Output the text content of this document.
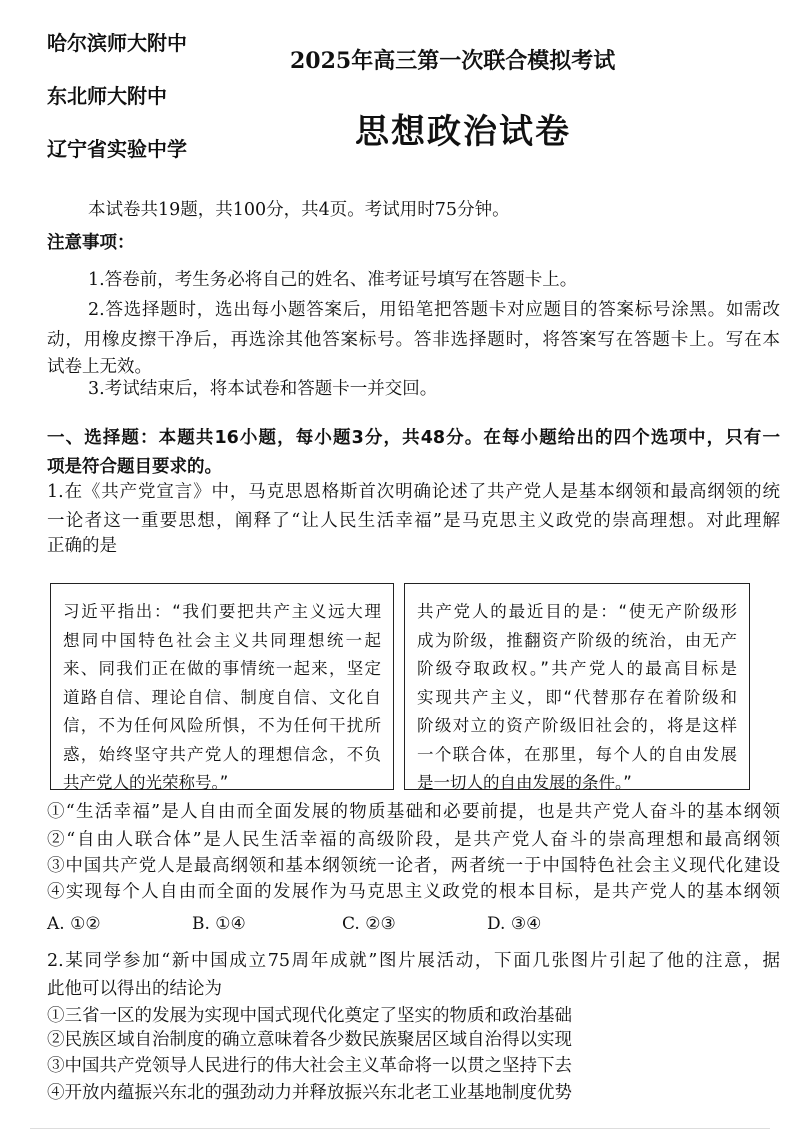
哈尔滨师大附中
东北师大附中
辽宁省实验中学
2025年高三第一次联合模拟考试
思想政治试卷
本试卷共19题，共100分，共4页。考试用时75分钟。
注意事项：
1.答卷前，考生务必将自己的姓名、准考证号填写在答题卡上。
2.答选择题时，选出每小题答案后，用铅笔把答题卡对应题目的答案标号涂黑。如需改
动，用橡皮擦干净后，再选涂其他答案标号。答非选择题时，将答案写在答题卡上。写在本
试卷上无效。
3.考试结束后，将本试卷和答题卡一并交回。
一、选择题：本题共16小题，每小题3分，共48分。在每小题给出的四个选项中，只有一
项是符合题目要求的。
1.在《共产党宣言》中，马克思恩格斯首次明确论述了共产党人是基本纲领和最高纲领的统
一论者这一重要思想，阐释了“让人民生活幸福”是马克思主义政党的崇高理想。对此理解
正确的是
习近平指出：“我们要把共产主义远大理
想同中国特色社会主义共同理想统一起
来、同我们正在做的事情统一起来，坚定
道路自信、理论自信、制度自信、文化自
信，不为任何风险所惧，不为任何干扰所
惑，始终坚守共产党人的理想信念，不负
共产党人的光荣称号。”
共产党人的最近目的是：“使无产阶级形
成为阶级，推翻资产阶级的统治，由无产
阶级夺取政权。”共产党人的最高目标是
实现共产主义，即“代替那存在着阶级和
阶级对立的资产阶级旧社会的，将是这样
一个联合体，在那里，每个人的自由发展
是一切人的自由发展的条件。”
①“生活幸福”是人自由而全面发展的物质基础和必要前提，也是共产党人奋斗的基本纲领
②“自由人联合体”是人民生活幸福的高级阶段，是共产党人奋斗的崇高理想和最高纲领
③中国共产党人是最高纲领和基本纲领统一论者，两者统一于中国特色社会主义现代化建设
④实现每个人自由而全面的发展作为马克思主义政党的根本目标，是共产党人的基本纲领
A. ①②	B. ①④	C. ②③	D. ③④
2.某同学参加“新中国成立75周年成就”图片展活动，下面几张图片引起了他的注意，据
此他可以得出的结论为
①三省一区的发展为实现中国式现代化奠定了坚实的物质和政治基础
②民族区域自治制度的确立意味着各少数民族聚居区域自治得以实现
③中国共产党领导人民进行的伟大社会主义革命将一以贯之坚持下去
④开放内蕴振兴东北的强劲动力并释放振兴东北老工业基地制度优势
